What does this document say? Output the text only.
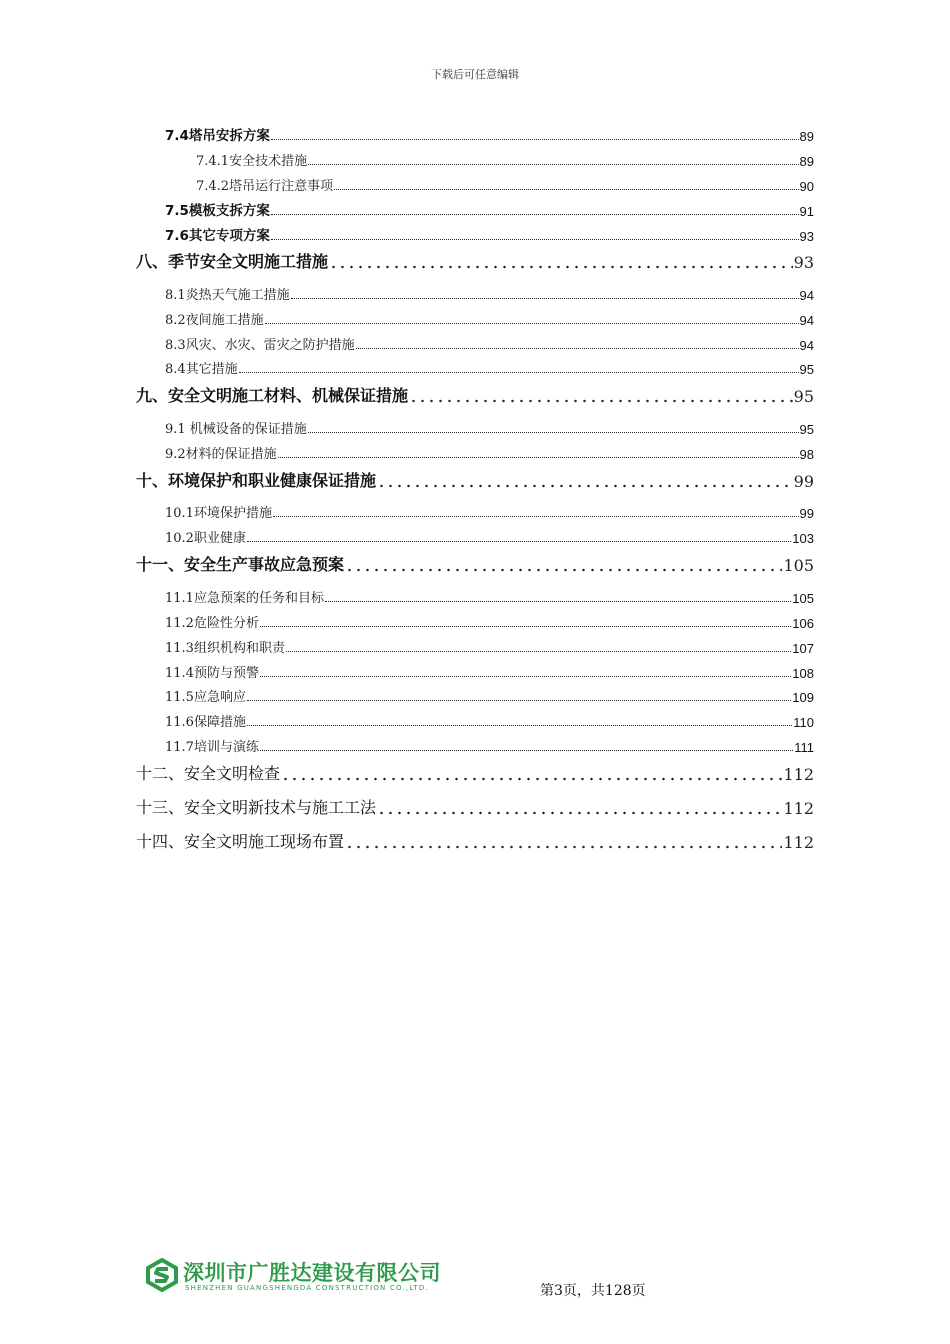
下载后可任意编辑
7.4塔吊安拆方案	89
7.4.1安全技术措施	89
7.4.2塔吊运行注意事项	90
7.5模板支拆方案	91
7.6其它专项方案	93
八、季节安全文明施工措施	93
8.1炎热天气施工措施	94
8.2夜间施工措施	94
8.3风灾、水灾、雷灾之防护措施	94
8.4其它措施	95
九、安全文明施工材料、机械保证措施	95
9.1 机械设备的保证措施	95
9.2材料的保证措施	98
十、环境保护和职业健康保证措施	99
10.1环境保护措施	99
10.2职业健康	103
十一、安全生产事故应急预案	105
11.1应急预案的任务和目标	105
11.2危险性分析	106
11.3组织机构和职责	107
11.4预防与预警	108
11.5应急响应	109
11.6保障措施	110
11.7培训与演练	111
十二、安全文明检查	112
十三、安全文明新技术与施工工法	112
十四、安全文明施工现场布置	112
深圳市广胜达建设有限公司
SHENZHEN GUANGSHENGDA CONSTRUCTION CO.,LTD.	第3页，共128页
